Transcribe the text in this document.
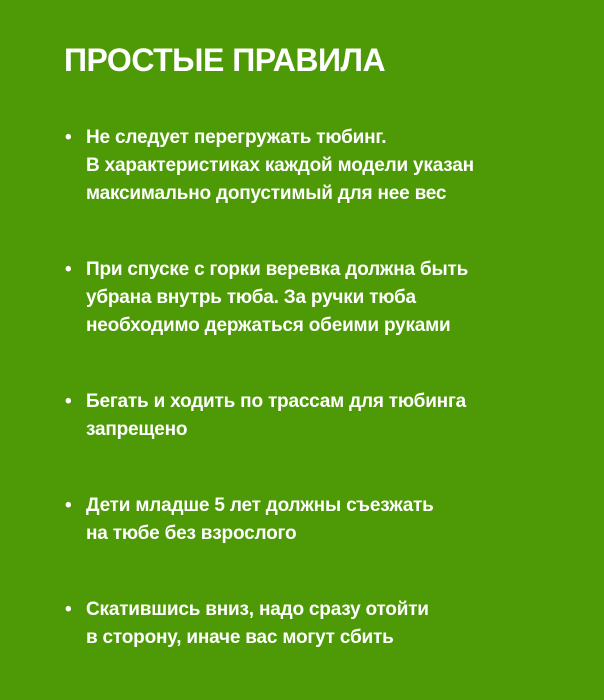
ПРОСТЫЕ ПРАВИЛА
• Не следует перегружать тюбинг.
В характеристиках каждой модели указан
максимально допустимый для нее вес
• При спуске с горки веревка должна быть
убрана внутрь тюба. За ручки тюба
необходимо держаться обеими руками
• Бегать и ходить по трассам для тюбинга
запрещено
• Дети младше 5 лет должны съезжать
на тюбе без взрослого
• Скатившись вниз, надо сразу отойти
в сторону, иначе вас могут сбить
